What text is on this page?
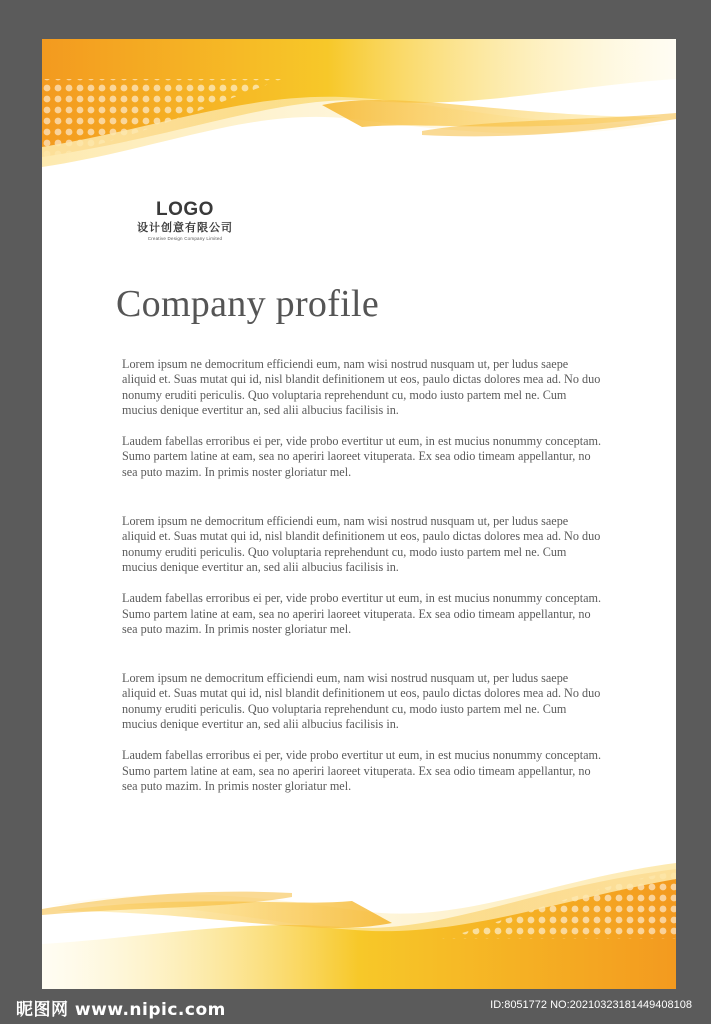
LOGO
设计创意有限公司
Creative Design Company Limited
Company profile

Lorem ipsum ne democritum efficiendi eum, nam wisi nostrud nusquam ut, per ludus saepe aliquid et. Suas mutat qui id, nisl blandit definitionem ut eos, paulo dictas dolores mea ad. No duo nonumy eruditi periculis. Quo voluptaria reprehendunt cu, modo iusto partem mel ne. Cum mucius denique evertitur an, sed alii albucius facilisis in.

Laudem fabellas erroribus ei per, vide probo evertitur ut eum, in est mucius nonummy conceptam. Sumo partem latine at eam, sea no aperiri laoreet vituperata. Ex sea odio timeam appellantur, no sea puto mazim. In primis noster gloriatur mel.

Lorem ipsum ne democritum efficiendi eum, nam wisi nostrud nusquam ut, per ludus saepe aliquid et. Suas mutat qui id, nisl blandit definitionem ut eos, paulo dictas dolores mea ad. No duo nonumy eruditi periculis. Quo voluptaria reprehendunt cu, modo iusto partem mel ne. Cum mucius denique evertitur an, sed alii albucius facilisis in.

Laudem fabellas erroribus ei per, vide probo evertitur ut eum, in est mucius nonummy conceptam. Sumo partem latine at eam, sea no aperiri laoreet vituperata. Ex sea odio timeam appellantur, no sea puto mazim. In primis noster gloriatur mel.

Lorem ipsum ne democritum efficiendi eum, nam wisi nostrud nusquam ut, per ludus saepe aliquid et. Suas mutat qui id, nisl blandit definitionem ut eos, paulo dictas dolores mea ad. No duo nonumy eruditi periculis. Quo voluptaria reprehendunt cu, modo iusto partem mel ne. Cum mucius denique evertitur an, sed alii albucius facilisis in.

Laudem fabellas erroribus ei per, vide probo evertitur ut eum, in est mucius nonummy conceptam. Sumo partem latine at eam, sea no aperiri laoreet vituperata. Ex sea odio timeam appellantur, no sea puto mazim. In primis noster gloriatur mel.

昵图网 www.nipic.com	ID:8051772 NO:20210323181449408108
